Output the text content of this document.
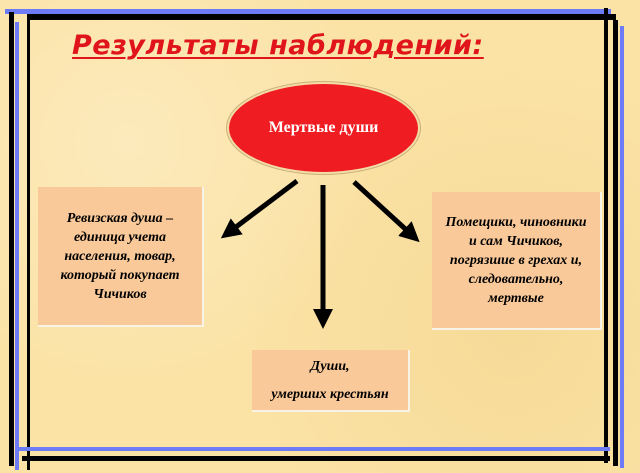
Результаты наблюдений:
Мертвые души
Ревизская душа – единица учета населения, товар, который покупает Чичиков
Помещики, чиновники и сам Чичиков, погрязшие в грехах и, следовательно, мертвые
Души,
умерших крестьян
